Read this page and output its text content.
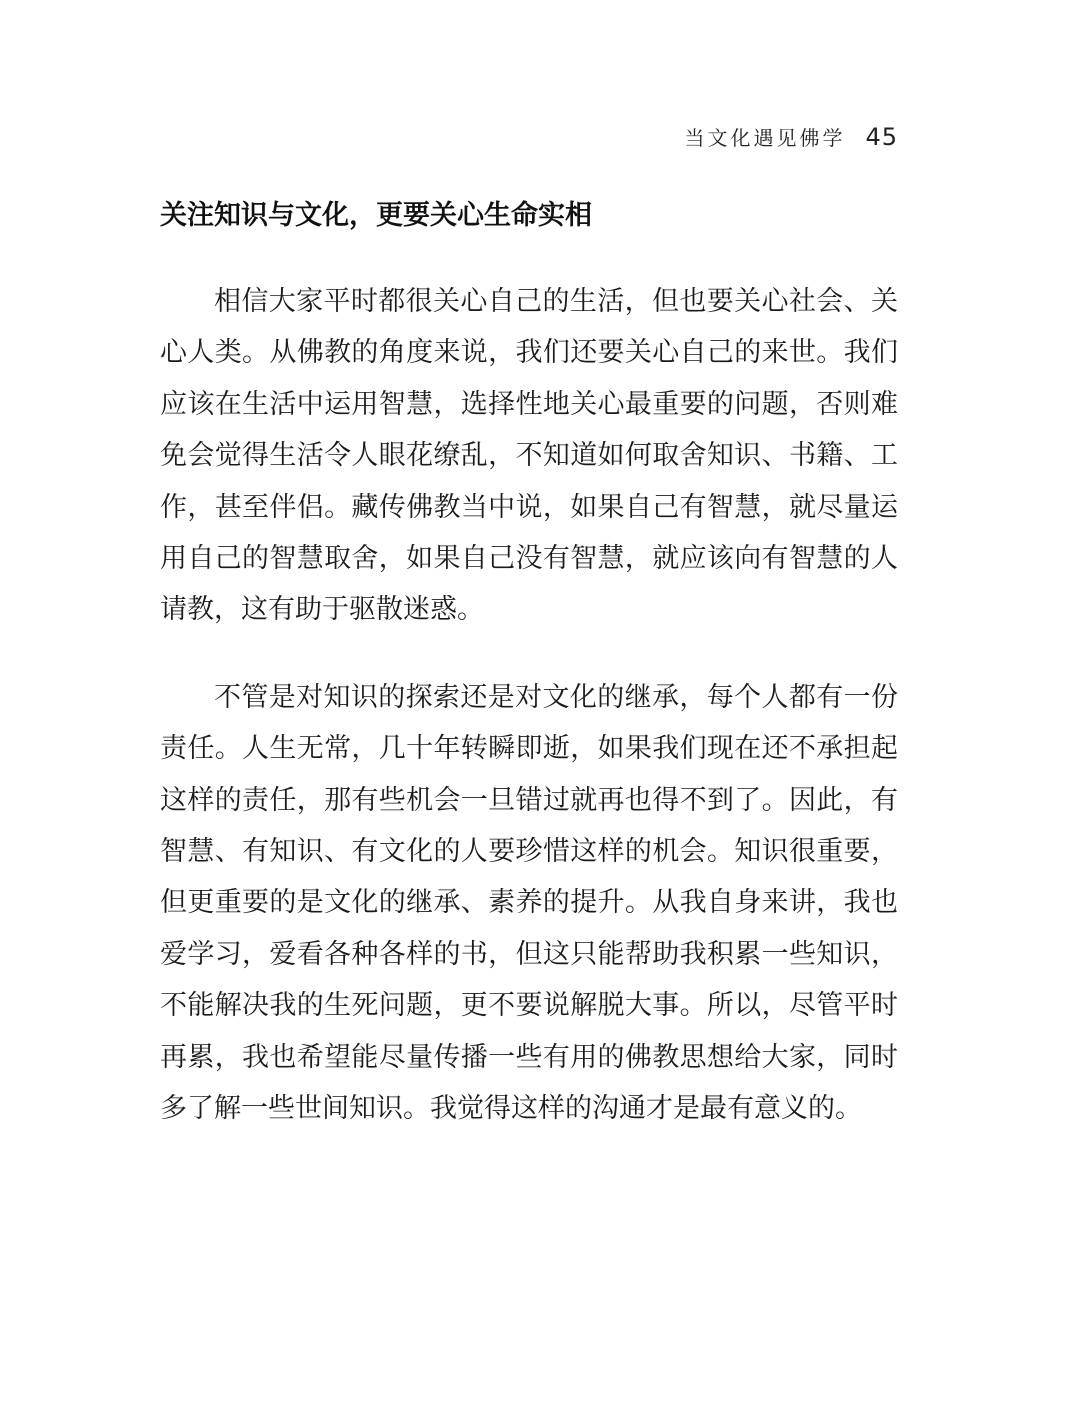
当文化遇见佛学 45
关注知识与文化，更要关心生命实相

相信大家平时都很关心自己的生活，但也要关心社会、关心人类。从佛教的角度来说，我们还要关心自己的来世。我们应该在生活中运用智慧，选择性地关心最重要的问题，否则难免会觉得生活令人眼花缭乱，不知道如何取舍知识、书籍、工作，甚至伴侣。藏传佛教当中说，如果自己有智慧，就尽量运用自己的智慧取舍，如果自己没有智慧，就应该向有智慧的人请教，这有助于驱散迷惑。

不管是对知识的探索还是对文化的继承，每个人都有一份责任。人生无常，几十年转瞬即逝，如果我们现在还不承担起这样的责任，那有些机会一旦错过就再也得不到了。因此，有智慧、有知识、有文化的人要珍惜这样的机会。知识很重要，但更重要的是文化的继承、素养的提升。从我自身来讲，我也爱学习，爱看各种各样的书，但这只能帮助我积累一些知识，不能解决我的生死问题，更不要说解脱大事。所以，尽管平时再累，我也希望能尽量传播一些有用的佛教思想给大家，同时多了解一些世间知识。我觉得这样的沟通才是最有意义的。
